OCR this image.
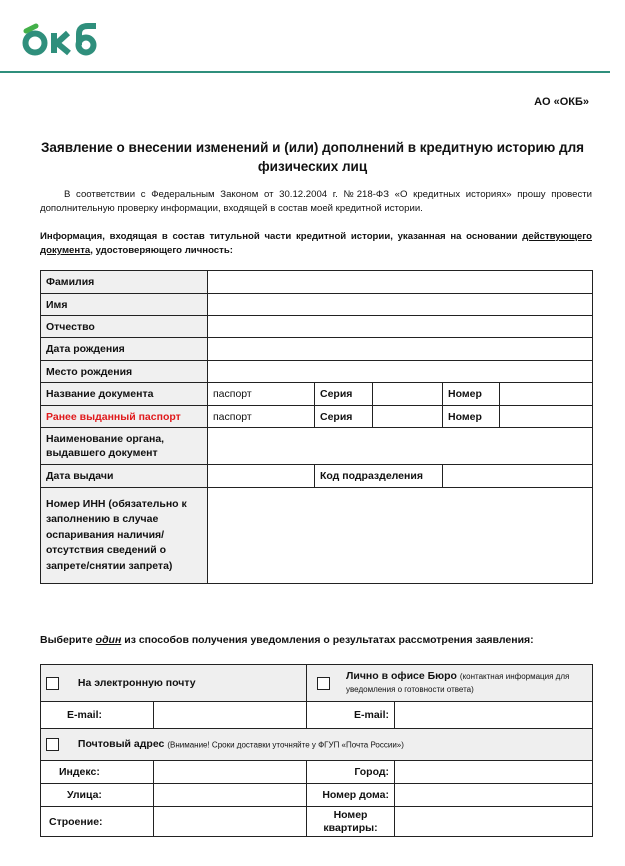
АО «ОКБ»
Заявление о внесении изменений и (или) дополнений в кредитную историю для физических лиц
В соответствии с Федеральным Законом от 30.12.2004 г. №218-ФЗ «О кредитных историях» прошу провести дополнительную проверку информации, входящей в состав моей кредитной истории.
Информация, входящая в состав титульной части кредитной истории, указанная на основании действующего документа, удостоверяющего личность:
Фамилия					
Имя					
Отчество					
Дата рождения					
Место рождения					
Название документа	паспорт	Серия		Номер	
Ранее выданный паспорт	паспорт	Серия		Номер	
Наименование органа, выдавшего документ					
Дата выдачи		Код подразделения			
Номер ИНН (обязательно к заполнению в случае оспаривания наличия/отсутствия сведений о запрете/снятии запрета)					
Выберите один из способов получения уведомления о результатах рассмотрения заявления:
На электронную почту		Лично в офисе Бюро (контактная информация для уведомления о готовности ответа)	

E-mail:		E-mail:	
Почтовый адрес (Внимание! Сроки доставки уточняйте у ФГУП «Почта России»)			
Индекс:		Город:	
Улица:		Номер дома:	
Строение:		Номер квартиры:	
